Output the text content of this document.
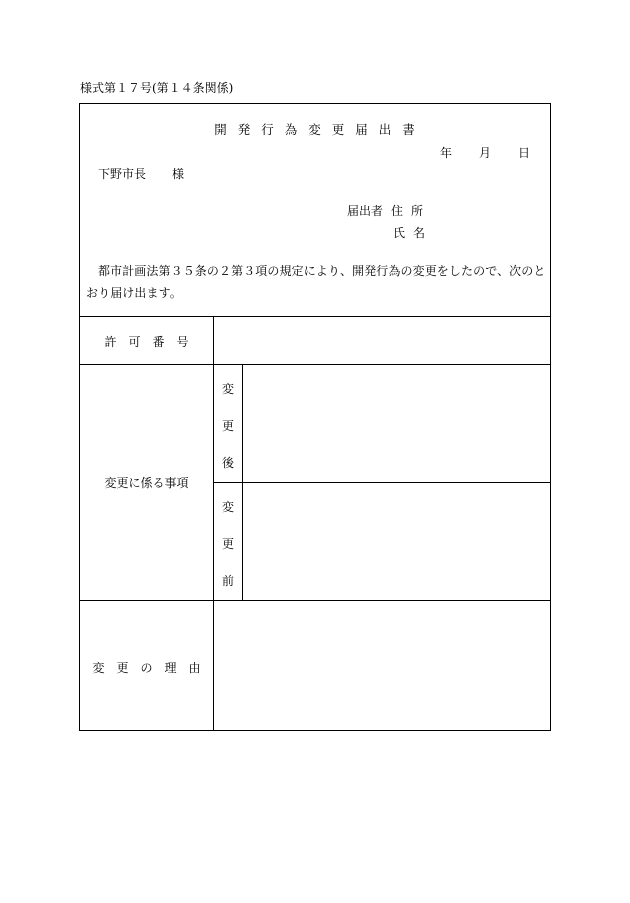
様式第１７号(第１４条関係)
開発行為変更届出書
年 月 日
下野市長 様
届出者 住 所
氏 名
都市計画法第３５条の２第３項の規定により、開発行為の変更をしたので、次のとおり届け出ます。
許　可　番　号
変更に係る事項
変
更
後
変
更
前
変　更　の　理　由
